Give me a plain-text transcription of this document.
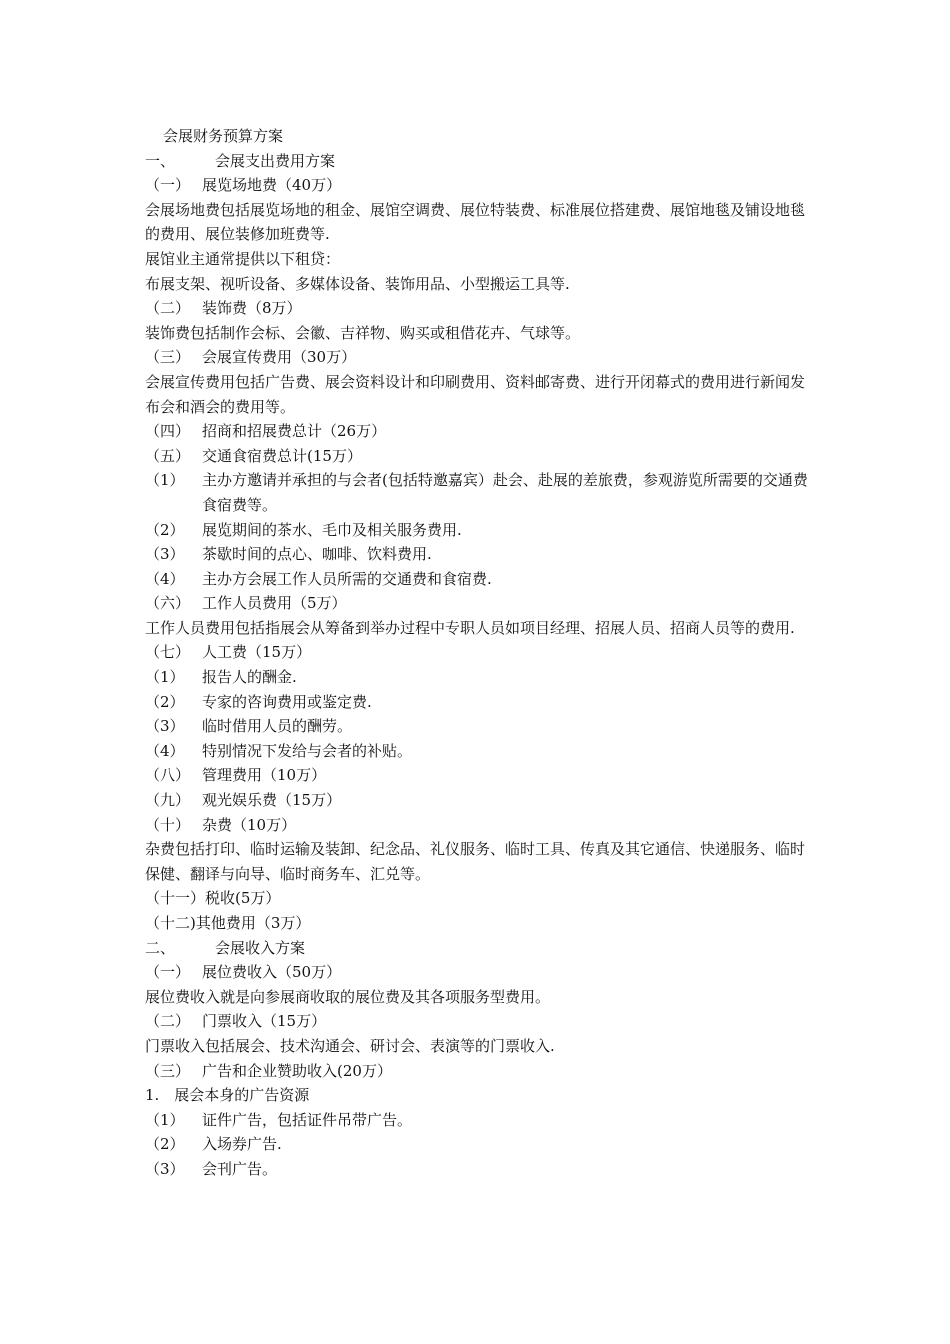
会展财务预算方案
一、	会展支出费用方案
（一） 展览场地费（40万）
会展场地费包括展览场地的租金、展馆空调费、展位特装费、标准展位搭建费、展馆地毯及铺设地毯的费用、展位装修加班费等.
展馆业主通常提供以下租贷：
布展支架、视听设备、多媒体设备、装饰用品、小型搬运工具等.
（二） 装饰费（8万）
装饰费包括制作会标、会徽、吉祥物、购买或租借花卉、气球等。
（三） 会展宣传费用（30万）
会展宣传费用包括广告费、展会资料设计和印刷费用、资料邮寄费、进行开闭幕式的费用进行新闻发布会和酒会的费用等。
（四） 招商和招展费总计（26万）
（五） 交通食宿费总计(15万）
（1）	主办方邀请并承担的与会者(包括特邀嘉宾）赴会、赴展的差旅费，参观游览所需要的交通费食宿费等。
（2）	展览期间的茶水、毛巾及相关服务费用.
（3）	茶歇时间的点心、咖啡、饮料费用.
（4）	主办方会展工作人员所需的交通费和食宿费.
（六） 工作人员费用（5万）
工作人员费用包括指展会从筹备到举办过程中专职人员如项目经理、招展人员、招商人员等的费用.
（七） 人工费（15万）
（1）	报告人的酬金.
（2）	专家的咨询费用或鉴定费.
（3）	临时借用人员的酬劳。
（4）	特别情况下发给与会者的补贴。
（八） 管理费用（10万）
（九） 观光娱乐费（15万）
（十） 杂费（10万）
杂费包括打印、临时运输及装卸、纪念品、礼仪服务、临时工具、传真及其它通信、快递服务、临时保健、翻译与向导、临时商务车、汇兑等。
（十一）税收(5万）
（十二)其他费用（3万）
二、	会展收入方案
（一） 展位费收入（50万）
展位费收入就是向参展商收取的展位费及其各项服务型费用。
（二） 门票收入（15万）
门票收入包括展会、技术沟通会、研讨会、表演等的门票收入.
（三） 广告和企业赞助收入(20万）
1.　展会本身的广告资源
（1）	证件广告，包括证件吊带广告。
（2）	入场券广告.
（3）	会刊广告。
